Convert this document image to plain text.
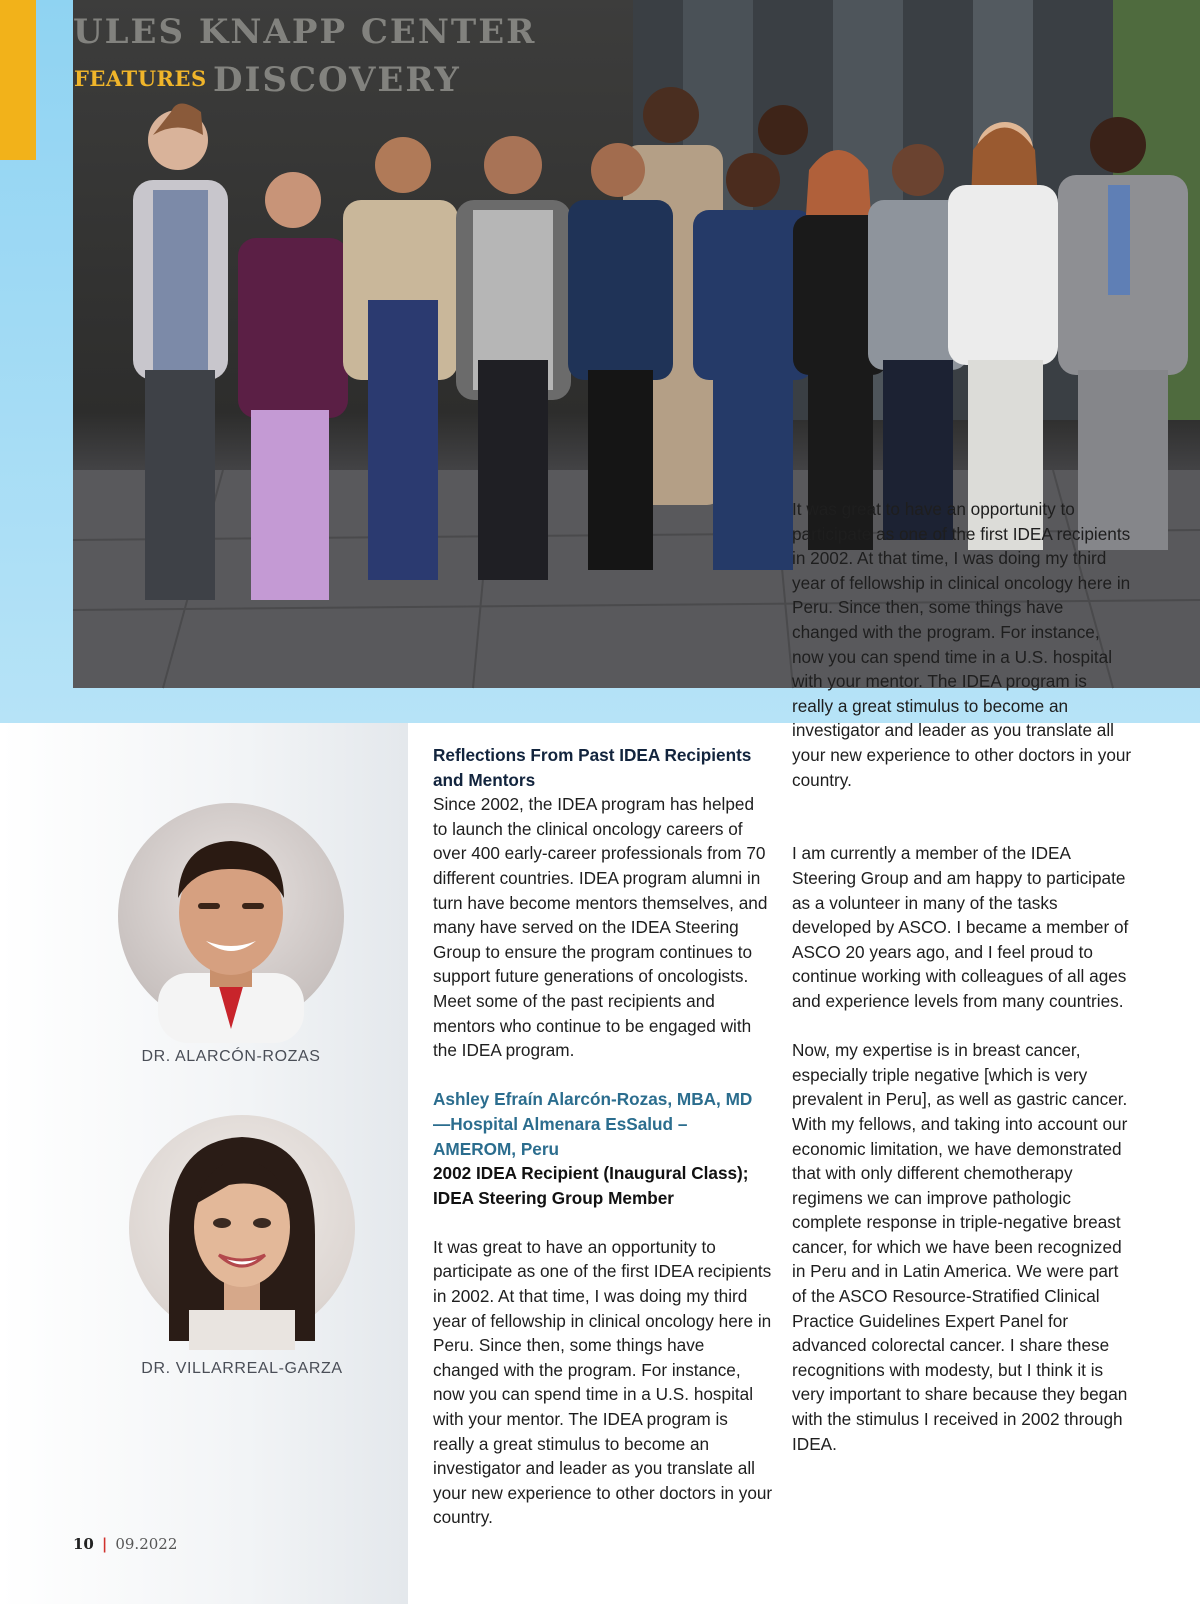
ULES KNAPP CENTER
DISCOVERY
FEATURES
DR. ALARCÓN-ROZAS
DR. VILLARREAL-GARZA
10 | 09.2022

Reflections From Past IDEA Recipients and Mentors

Since 2002, the IDEA program has helped to launch the clinical oncology careers of over 400 early-career professionals from 70 different countries. IDEA program alumni in turn have become mentors themselves, and many have served on the IDEA Steering Group to ensure the program continues to support future generations of oncologists. Meet some of the past recipients and mentors who continue to be engaged with the IDEA program.

Ashley Efraín Alarcón-Rozas, MBA, MD—Hospital Almenara EsSalud – AMEROM, Peru

2002 IDEA Recipient (Inaugural Class); IDEA Steering Group Member

It was great to have an opportunity to participate as one of the first IDEA recipients in 2002. At that time, I was doing my third year of fellowship in clinical oncology here in Peru. Since then, some things have changed with the program. For instance, now you can spend time in a U.S. hospital with your mentor. The IDEA program is really a great stimulus to become an investigator and leader as you translate all your new experience to other doctors in your country.

It was great to have an opportunity to participate as one of the first IDEA recipients in 2002. At that time, I was doing my third year of fellowship in clinical oncology here in Peru. Since then, some things have changed with the program. For instance, now you can spend time in a U.S. hospital with your mentor. The IDEA program is really a great stimulus to become an investigator and leader as you translate all your new experience to other doctors in your country.

I am currently a member of the IDEA Steering Group and am happy to participate as a volunteer in many of the tasks developed by ASCO. I became a member of ASCO 20 years ago, and I feel proud to continue working with colleagues of all ages and experience levels from many countries.

Now, my expertise is in breast cancer, especially triple negative [which is very prevalent in Peru], as well as gastric cancer. With my fellows, and taking into account our economic limitation, we have demonstrated that with only different chemotherapy regimens we can improve pathologic complete response in triple-negative breast cancer, for which we have been recognized in Peru and in Latin America. We were part of the ASCO Resource-Stratified Clinical Practice Guidelines Expert Panel for advanced colorectal cancer. I share these recognitions with modesty, but I think it is very important to share because they began with the stimulus I received in 2002 through IDEA.
